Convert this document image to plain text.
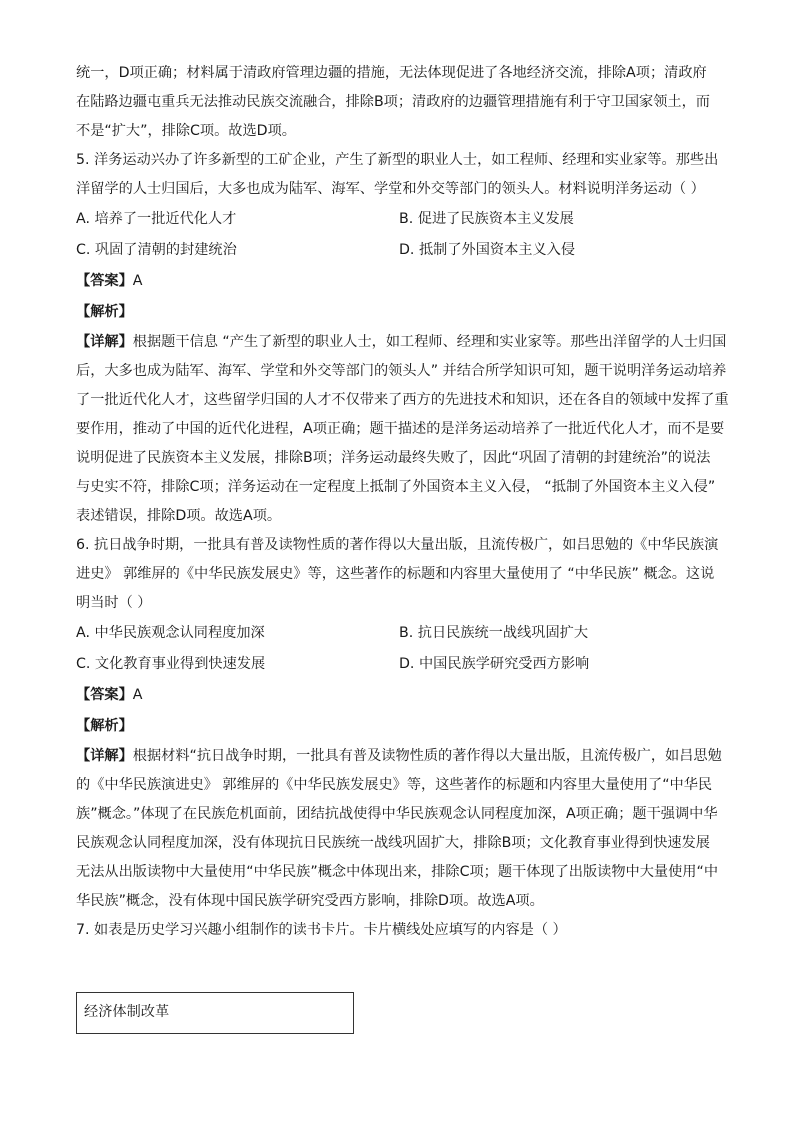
统一，D项正确；材料属于清政府管理边疆的措施，无法体现促进了各地经济交流，排除A项；清政府
在陆路边疆屯重兵无法推动民族交流融合，排除B项；清政府的边疆管理措施有利于守卫国家领土，而
不是“扩大”，排除C项。故选D项。
5. 洋务运动兴办了许多新型的工矿企业，产生了新型的职业人士，如工程师、经理和实业家等。那些出
洋留学的人士归国后，大多也成为陆军、海军、学堂和外交等部门的领头人。材料说明洋务运动（ ）
A. 培养了一批近代化人才	B. 促进了民族资本主义发展
C. 巩固了清朝的封建统治	D. 抵制了外国资本主义入侵
【答案】A
【解析】
【详解】根据题干信息 “产生了新型的职业人士，如工程师、经理和实业家等。那些出洋留学的人士归国
后，大多也成为陆军、海军、学堂和外交等部门的领头人” 并结合所学知识可知，题干说明洋务运动培养
了一批近代化人才，这些留学归国的人才不仅带来了西方的先进技术和知识，还在各自的领域中发挥了重
要作用，推动了中国的近代化进程，A项正确；题干描述的是洋务运动培养了一批近代化人才，而不是要
说明促进了民族资本主义发展，排除B项；洋务运动最终失败了，因此“巩固了清朝的封建统治”的说法
与史实不符，排除C项；洋务运动在一定程度上抵制了外国资本主义入侵， “抵制了外国资本主义入侵”
表述错误，排除D项。故选A项。
6. 抗日战争时期，一批具有普及读物性质的著作得以大量出版，且流传极广，如吕思勉的《中华民族演
进史》 郭维屏的《中华民族发展史》等，这些著作的标题和内容里大量使用了 “中华民族” 概念。这说
明当时（ ）
A. 中华民族观念认同程度加深	B. 抗日民族统一战线巩固扩大
C. 文化教育事业得到快速发展	D. 中国民族学研究受西方影响
【答案】A
【解析】
【详解】根据材料“抗日战争时期，一批具有普及读物性质的著作得以大量出版，且流传极广，如吕思勉
的《中华民族演进史》 郭维屏的《中华民族发展史》等，这些著作的标题和内容里大量使用了“中华民
族”概念。”体现了在民族危机面前，团结抗战使得中华民族观念认同程度加深，A项正确；题干强调中华
民族观念认同程度加深，没有体现抗日民族统一战线巩固扩大，排除B项；文化教育事业得到快速发展
无法从出版读物中大量使用“中华民族”概念中体现出来，排除C项；题干体现了出版读物中大量使用“中
华民族”概念，没有体现中国民族学研究受西方影响，排除D项。故选A项。
7. 如表是历史学习兴趣小组制作的读书卡片。卡片横线处应填写的内容是（ ）
经济体制改革
